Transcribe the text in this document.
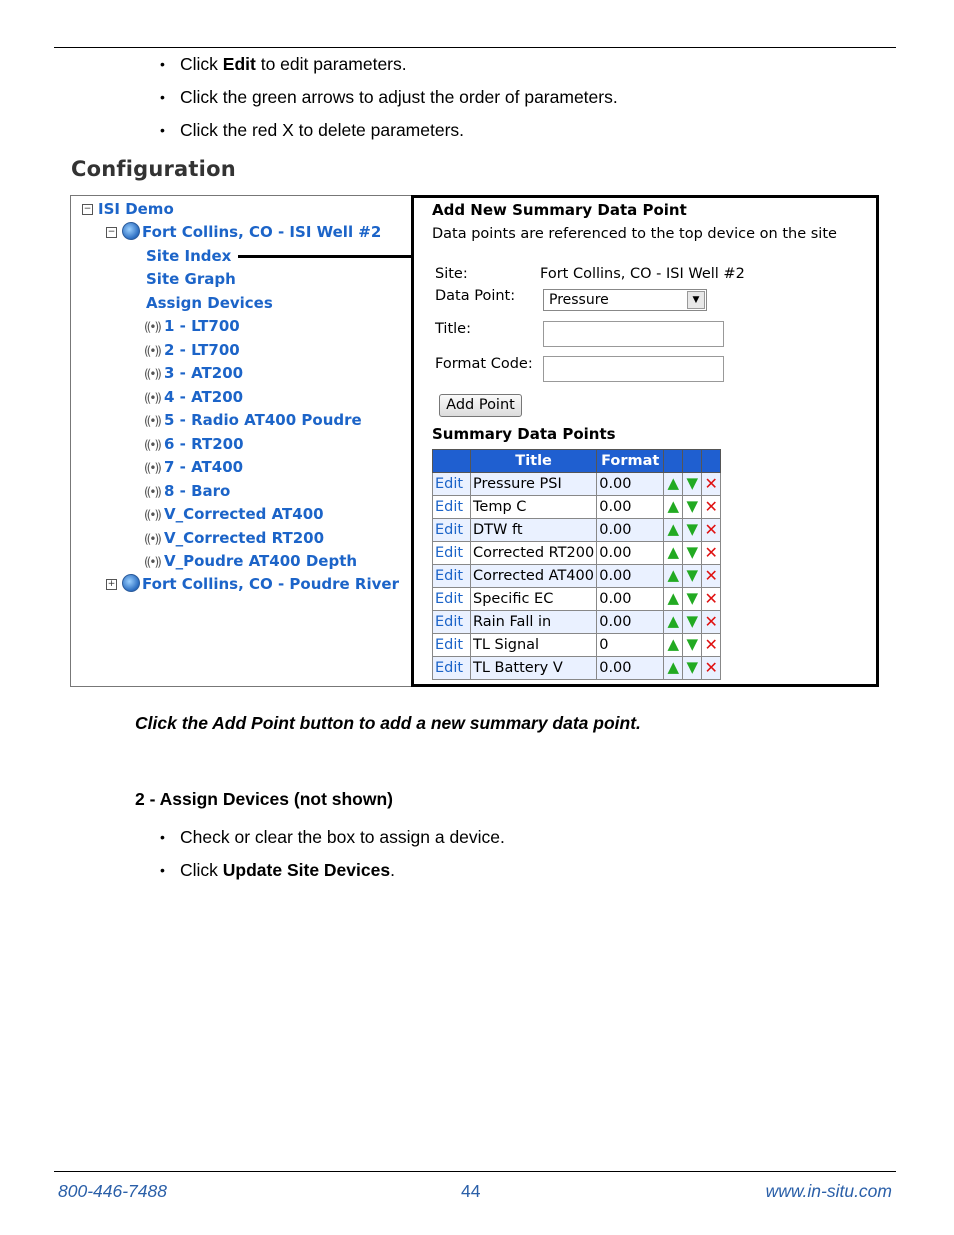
• Click Edit to edit parameters.
• Click the green arrows to adjust the order of parameters.
• Click the red X to delete parameters.
Configuration
− ISI Demo
− Fort Collins, CO - ISI Well #2
Site Index
Site Graph
Assign Devices
((•)) 1 - LT700
((•)) 2 - LT700
((•)) 3 - AT200
((•)) 4 - AT200
((•)) 5 - Radio AT400 Poudre
((•)) 6 - RT200
((•)) 7 - AT400
((•)) 8 - Baro
((•)) V_Corrected AT400
((•)) V_Corrected RT200
((•)) V_Poudre AT400 Depth
+ Fort Collins, CO - Poudre River
Add New Summary Data Point
Data points are referenced to the top device on the site
Site:	Fort Collins, CO - ISI Well #2
Data Point:	Pressure	▼
Title:
Format Code:
Add Point
Summary Data Points
	Title	Format			
Edit	Pressure PSI	0.00	▲	▼	✕
Edit	Temp C	0.00	▲	▼	✕
Edit	DTW ft	0.00	▲	▼	✕
Edit	Corrected RT200	0.00	▲	▼	✕
Edit	Corrected AT400	0.00	▲	▼	✕
Edit	Specific EC	0.00	▲	▼	✕
Edit	Rain Fall in	0.00	▲	▼	✕
Edit	TL Signal	0	▲	▼	✕
Edit	TL Battery V	0.00	▲	▼	✕
Click the Add Point button to add a new summary data point.
2 - Assign Devices (not shown)
• Check or clear the box to assign a device.
• Click Update Site Devices.
800-446-7488	44	www.in-situ.com
